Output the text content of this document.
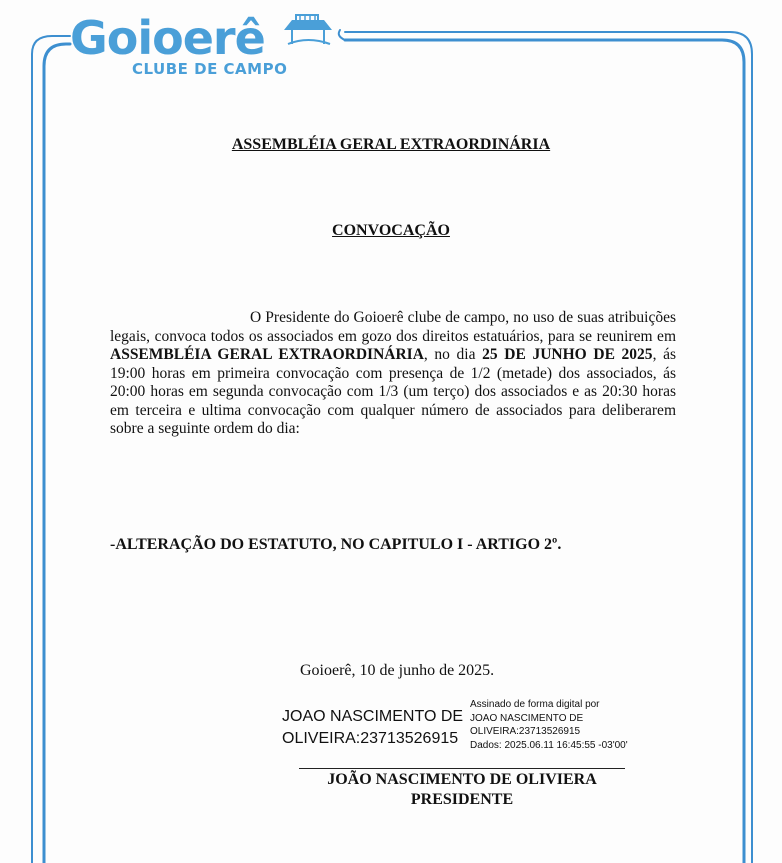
Goioerê
CLUBE DE CAMPO
ASSEMBLÉIA GERAL EXTRAORDINÁRIA
CONVOCAÇÃO
O Presidente do Goioerê clube de campo, no uso de suas atribuições legais, convoca todos os associados em gozo dos direitos estatuários, para se reunirem em ASSEMBLÉIA GERAL EXTRAORDINÁRIA, no dia 25 DE JUNHO DE 2025, ás 19:00 horas em primeira convocação com presença de 1/2 (metade) dos associados, ás 20:00 horas em segunda convocação com 1/3 (um terço) dos associados e as 20:30 horas em terceira e ultima convocação com qualquer número de associados para deliberarem sobre a seguinte ordem do dia:
-ALTERAÇÃO DO ESTATUTO, NO CAPITULO I - ARTIGO 2º.
Goioerê, 10 de junho de 2025.
JOAO NASCIMENTO DE
OLIVEIRA:23713526915
Assinado de forma digital por
JOAO NASCIMENTO DE
OLIVEIRA:23713526915
Dados: 2025.06.11 16:45:55 -03'00'
JOÃO NASCIMENTO DE OLIVIERA
PRESIDENTE
